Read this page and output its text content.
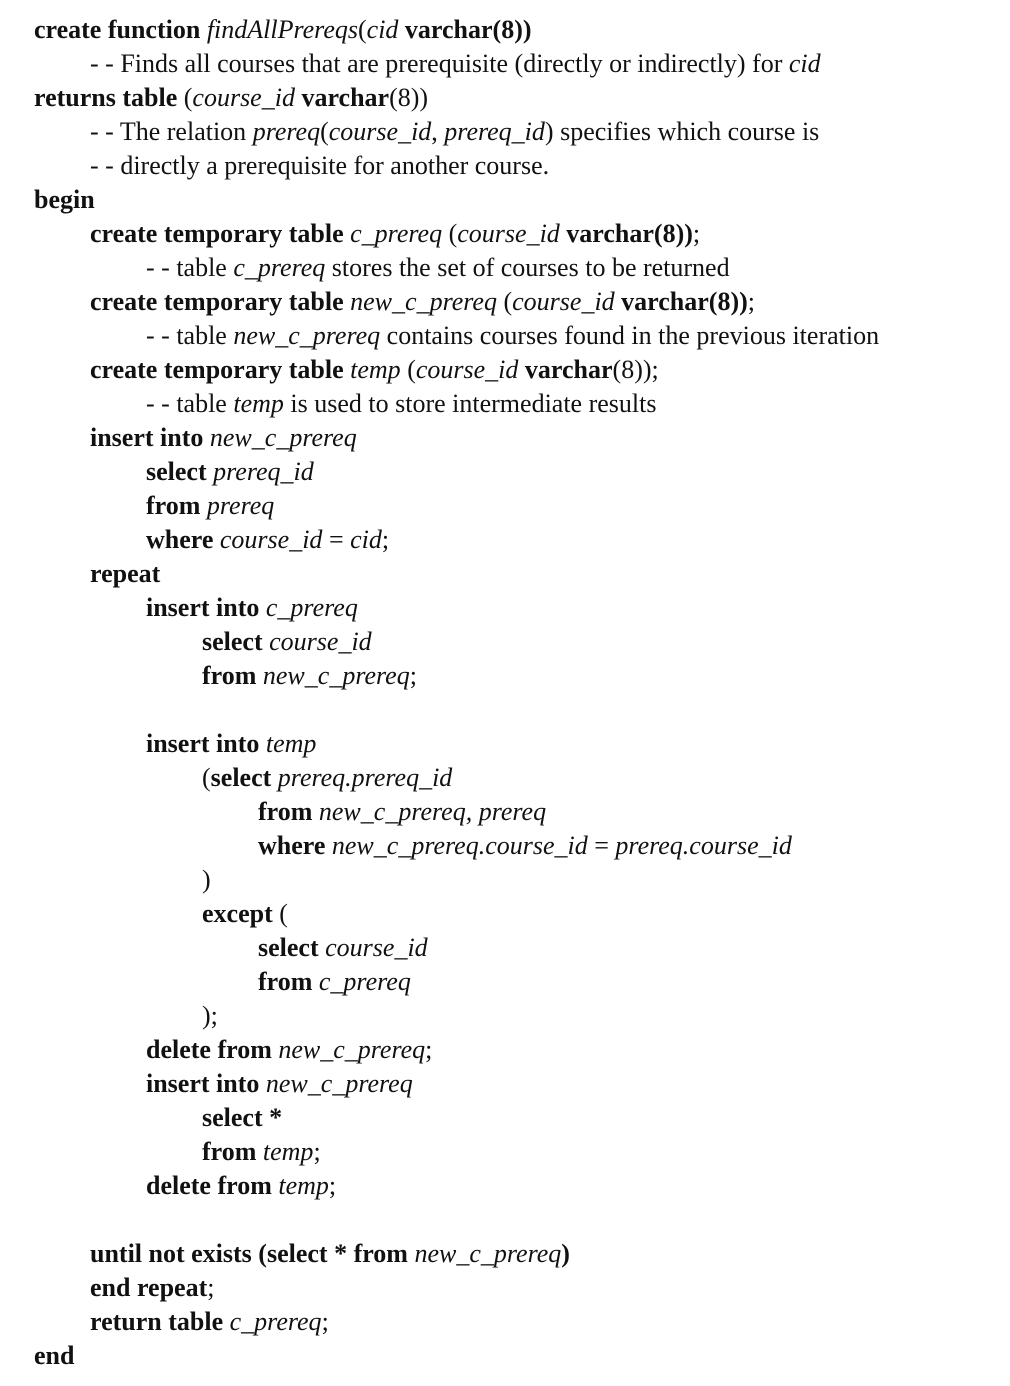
create function findAllPrereqs(cid varchar(8))
- - Finds all courses that are prerequisite (directly or indirectly) for cid
returns table (course_id varchar(8))
- - The relation prereq(course_id, prereq_id) specifies which course is
- - directly a prerequisite for another course.
begin
create temporary table c_prereq (course_id varchar(8));
- - table c_prereq stores the set of courses to be returned
create temporary table new_c_prereq (course_id varchar(8));
- - table new_c_prereq contains courses found in the previous iteration
create temporary table temp (course_id varchar(8));
- - table temp is used to store intermediate results
insert into new_c_prereq
select prereq_id
from prereq
where course_id = cid;
repeat
insert into c_prereq
select course_id
from new_c_prereq;
insert into temp
(select prereq.prereq_id
from new_c_prereq, prereq
where new_c_prereq.course_id = prereq.course_id
)
except (
select course_id
from c_prereq
);
delete from new_c_prereq;
insert into new_c_prereq
select *
from temp;
delete from temp;
until not exists (select * from new_c_prereq)
end repeat;
return table c_prereq;
end
